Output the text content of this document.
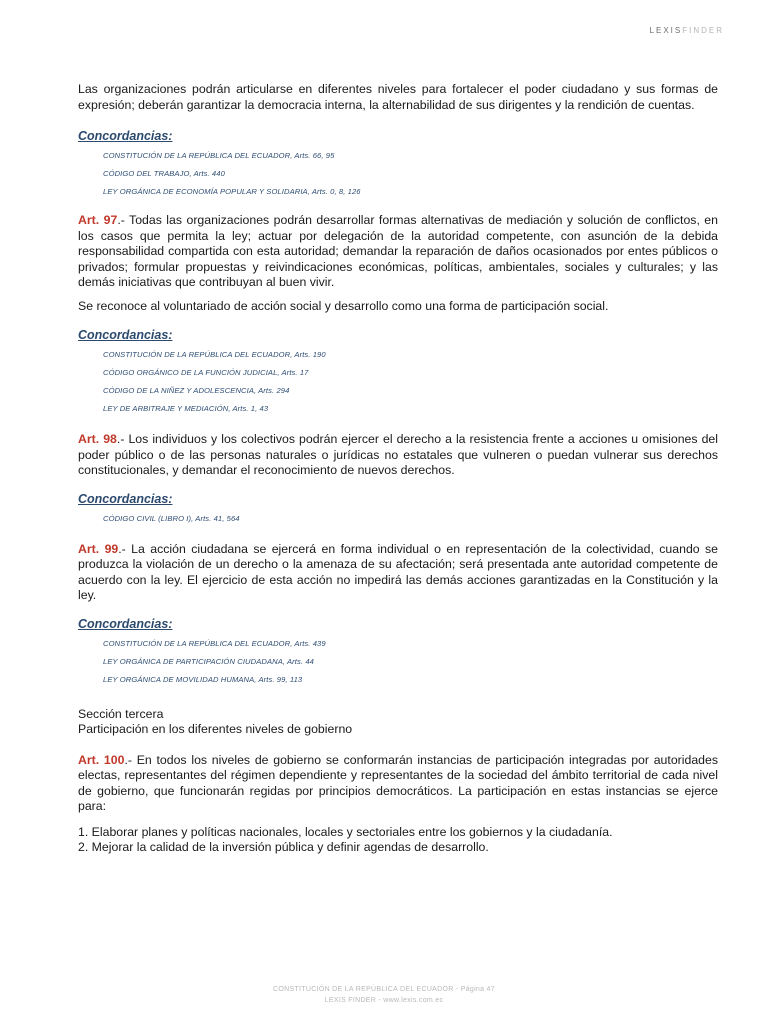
LEXISFINDER

Las organizaciones podrán articularse en diferentes niveles para fortalecer el poder ciudadano y sus formas de expresión; deberán garantizar la democracia interna, la alternabilidad de sus dirigentes y la rendición de cuentas.

Concordancias:

CONSTITUCIÓN DE LA REPÚBLICA DEL ECUADOR, Arts. 66, 95
CÓDIGO DEL TRABAJO, Arts. 440
LEY ORGÁNICA DE ECONOMÍA POPULAR Y SOLIDARIA, Arts. 0, 8, 126

Art. 97.- Todas las organizaciones podrán desarrollar formas alternativas de mediación y solución de conflictos, en los casos que permita la ley; actuar por delegación de la autoridad competente, con asunción de la debida responsabilidad compartida con esta autoridad; demandar la reparación de daños ocasionados por entes públicos o privados; formular propuestas y reivindicaciones económicas, políticas, ambientales, sociales y culturales; y las demás iniciativas que contribuyan al buen vivir.

Se reconoce al voluntariado de acción social y desarrollo como una forma de participación social.

Concordancias:

CONSTITUCIÓN DE LA REPÚBLICA DEL ECUADOR, Arts. 190
CÓDIGO ORGÁNICO DE LA FUNCIÓN JUDICIAL, Arts. 17
CÓDIGO DE LA NIÑEZ Y ADOLESCENCIA, Arts. 294
LEY DE ARBITRAJE Y MEDIACIÓN, Arts. 1, 43

Art. 98.- Los individuos y los colectivos podrán ejercer el derecho a la resistencia frente a acciones u omisiones del poder público o de las personas naturales o jurídicas no estatales que vulneren o puedan vulnerar sus derechos constitucionales, y demandar el reconocimiento de nuevos derechos.

Concordancias:

CÓDIGO CIVIL (LIBRO I), Arts. 41, 564

Art. 99.- La acción ciudadana se ejercerá en forma individual o en representación de la colectividad, cuando se produzca la violación de un derecho o la amenaza de su afectación; será presentada ante autoridad competente de acuerdo con la ley. El ejercicio de esta acción no impedirá las demás acciones garantizadas en la Constitución y la ley.

Concordancias:

CONSTITUCIÓN DE LA REPÚBLICA DEL ECUADOR, Arts. 439
LEY ORGÁNICA DE PARTICIPACIÓN CIUDADANA, Arts. 44
LEY ORGÁNICA DE MOVILIDAD HUMANA, Arts. 99, 113

Sección tercera

Participación en los diferentes niveles de gobierno

Art. 100.- En todos los niveles de gobierno se conformarán instancias de participación integradas por autoridades electas, representantes del régimen dependiente y representantes de la sociedad del ámbito territorial de cada nivel de gobierno, que funcionarán regidas por principios democráticos. La participación en estas instancias se ejerce para:

1. Elaborar planes y políticas nacionales, locales y sectoriales entre los gobiernos y la ciudadanía.

2. Mejorar la calidad de la inversión pública y definir agendas de desarrollo.

CONSTITUCIÓN DE LA REPÚBLICA DEL ECUADOR - Página 47
LEXIS FINDER - www.lexis.com.ec
